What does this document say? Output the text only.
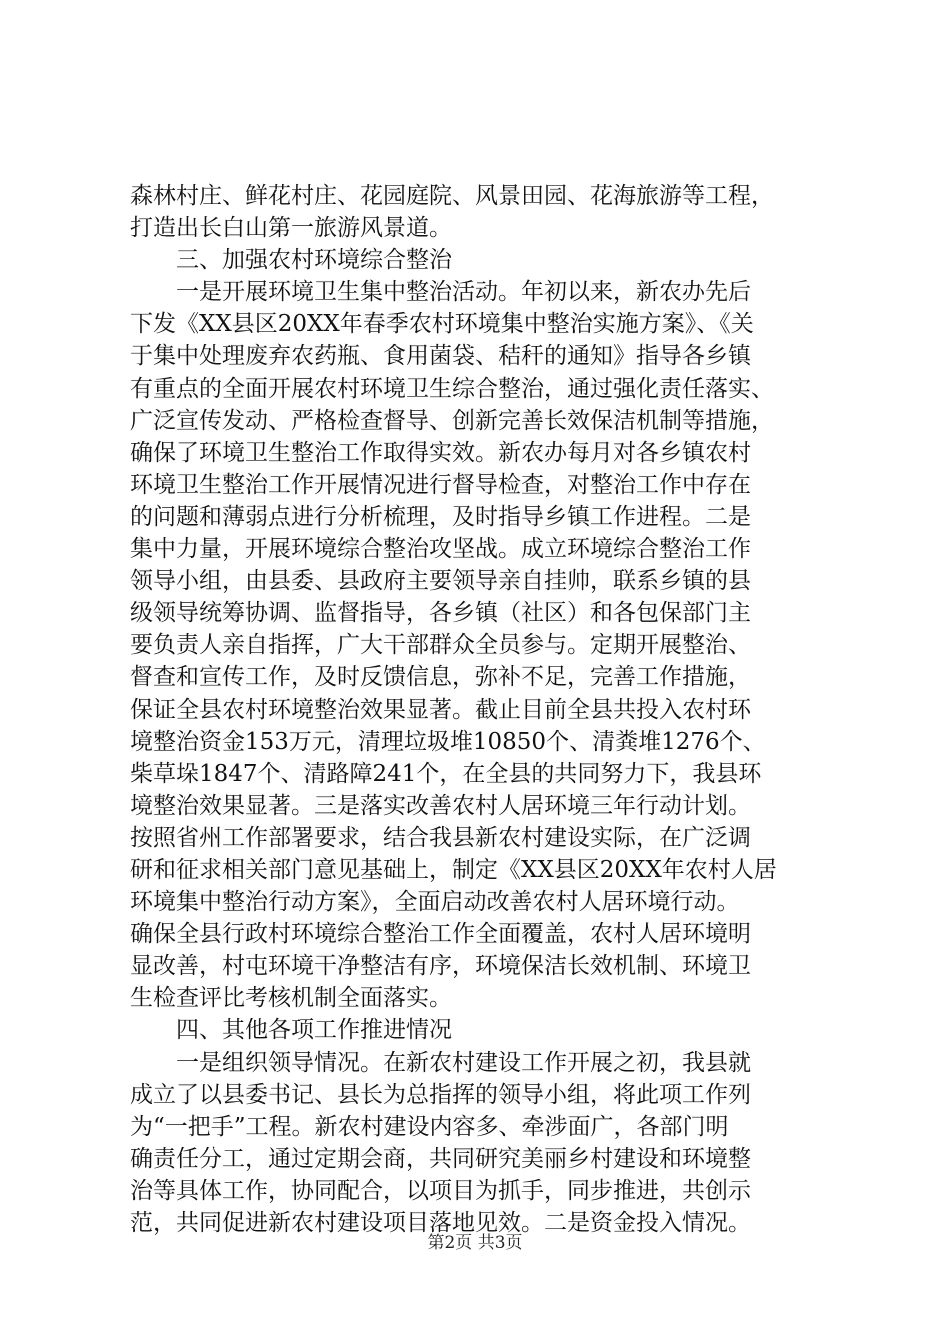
森林村庄、鲜花村庄、花园庭院、风景田园、花海旅游等工程，
打造出长白山第一旅游风景道。
　　三、加强农村环境综合整治
　　一是开展环境卫生集中整治活动。年初以来，新农办先后
下发《XX县区20XX年春季农村环境集中整治实施方案》、《关
于集中处理废弃农药瓶、食用菌袋、秸秆的通知》指导各乡镇
有重点的全面开展农村环境卫生综合整治，通过强化责任落实、
广泛宣传发动、严格检查督导、创新完善长效保洁机制等措施，
确保了环境卫生整治工作取得实效。新农办每月对各乡镇农村
环境卫生整治工作开展情况进行督导检查，对整治工作中存在
的问题和薄弱点进行分析梳理，及时指导乡镇工作进程。二是
集中力量，开展环境综合整治攻坚战。成立环境综合整治工作
领导小组，由县委、县政府主要领导亲自挂帅，联系乡镇的县
级领导统筹协调、监督指导，各乡镇（社区）和各包保部门主
要负责人亲自指挥，广大干部群众全员参与。定期开展整治、
督查和宣传工作，及时反馈信息，弥补不足，完善工作措施，
保证全县农村环境整治效果显著。截止目前全县共投入农村环
境整治资金153万元，清理垃圾堆10850个、清粪堆1276个、
柴草垛1847个、清路障241个，在全县的共同努力下，我县环
境整治效果显著。三是落实改善农村人居环境三年行动计划。
按照省州工作部署要求，结合我县新农村建设实际，在广泛调
研和征求相关部门意见基础上，制定《XX县区20XX年农村人居
环境集中整治行动方案》，全面启动改善农村人居环境行动。
确保全县行政村环境综合整治工作全面覆盖，农村人居环境明
显改善，村屯环境干净整洁有序，环境保洁长效机制、环境卫
生检查评比考核机制全面落实。
　　四、其他各项工作推进情况
　　一是组织领导情况。在新农村建设工作开展之初，我县就
成立了以县委书记、县长为总指挥的领导小组，将此项工作列
为“一把手”工程。新农村建设内容多、牵涉面广，各部门明
确责任分工，通过定期会商，共同研究美丽乡村建设和环境整
治等具体工作，协同配合，以项目为抓手，同步推进，共创示
范，共同促进新农村建设项目落地见效。二是资金投入情况。
第2页 共3页
